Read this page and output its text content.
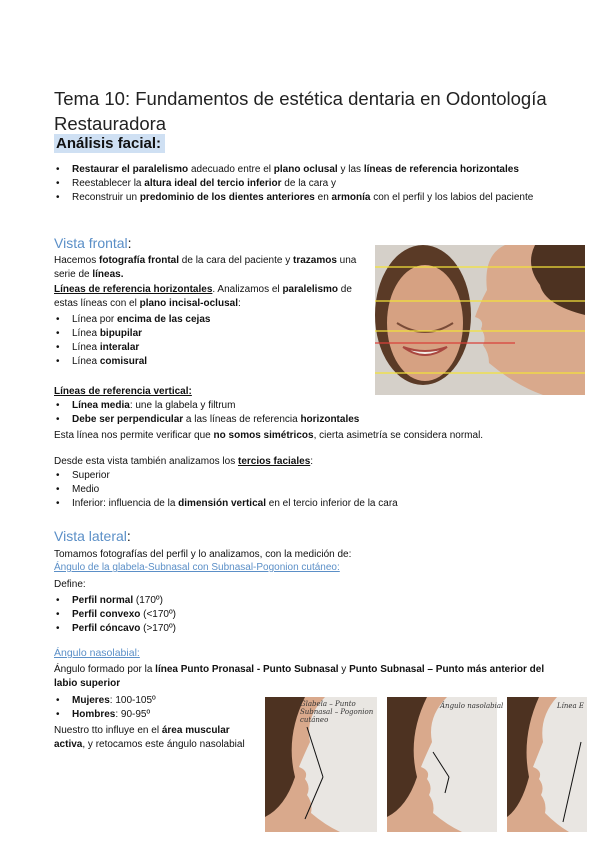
Tema 10: Fundamentos de estética dentaria en Odontología Restauradora
Análisis facial:
• Restaurar el paralelismo adecuado entre el plano oclusal y las líneas de referencia horizontales
• Reestablecer la altura ideal del tercio inferior de la cara y
• Reconstruir un predominio de los dientes anteriores en armonía con el perfil y los labios del paciente
Vista frontal:
Hacemos fotografía frontal de la cara del paciente y trazamos una serie de líneas.
Líneas de referencia horizontales. Analizamos el paralelismo de estas líneas con el plano incisal-oclusal:
• Línea por encima de las cejas
• Línea bipupilar
• Línea interalar
• Línea comisural
Líneas de referencia vertical:
• Línea media: une la glabela y filtrum
• Debe ser perpendicular a las líneas de referencia horizontales
Esta línea nos permite verificar que no somos simétricos, cierta asimetría se considera normal.
Desde esta vista también analizamos los tercios faciales:
• Superior
• Medio
• Inferior: influencia de la dimensión vertical en el tercio inferior de la cara
Vista lateral:
Tomamos fotografías del perfil y lo analizamos, con la medición de:
Ángulo de la glabela-Subnasal con Subnasal-Pogonion cutáneo:
Define:
• Perfil normal (170º)
• Perfil convexo (<170º)
• Perfil cóncavo (>170º)
Ángulo nasolabial:
Ángulo formado por la línea Punto Pronasal - Punto Subnasal y Punto Subnasal – Punto más anterior del labio superior
• Mujeres: 100-105º
• Hombres: 90-95º
Nuestro tto influye en el área muscular activa, y retocamos este ángulo nasolabial
Glabela – Punto Subnasal – Pogonion cutáneo
Ángulo nasolabial	Línea E
